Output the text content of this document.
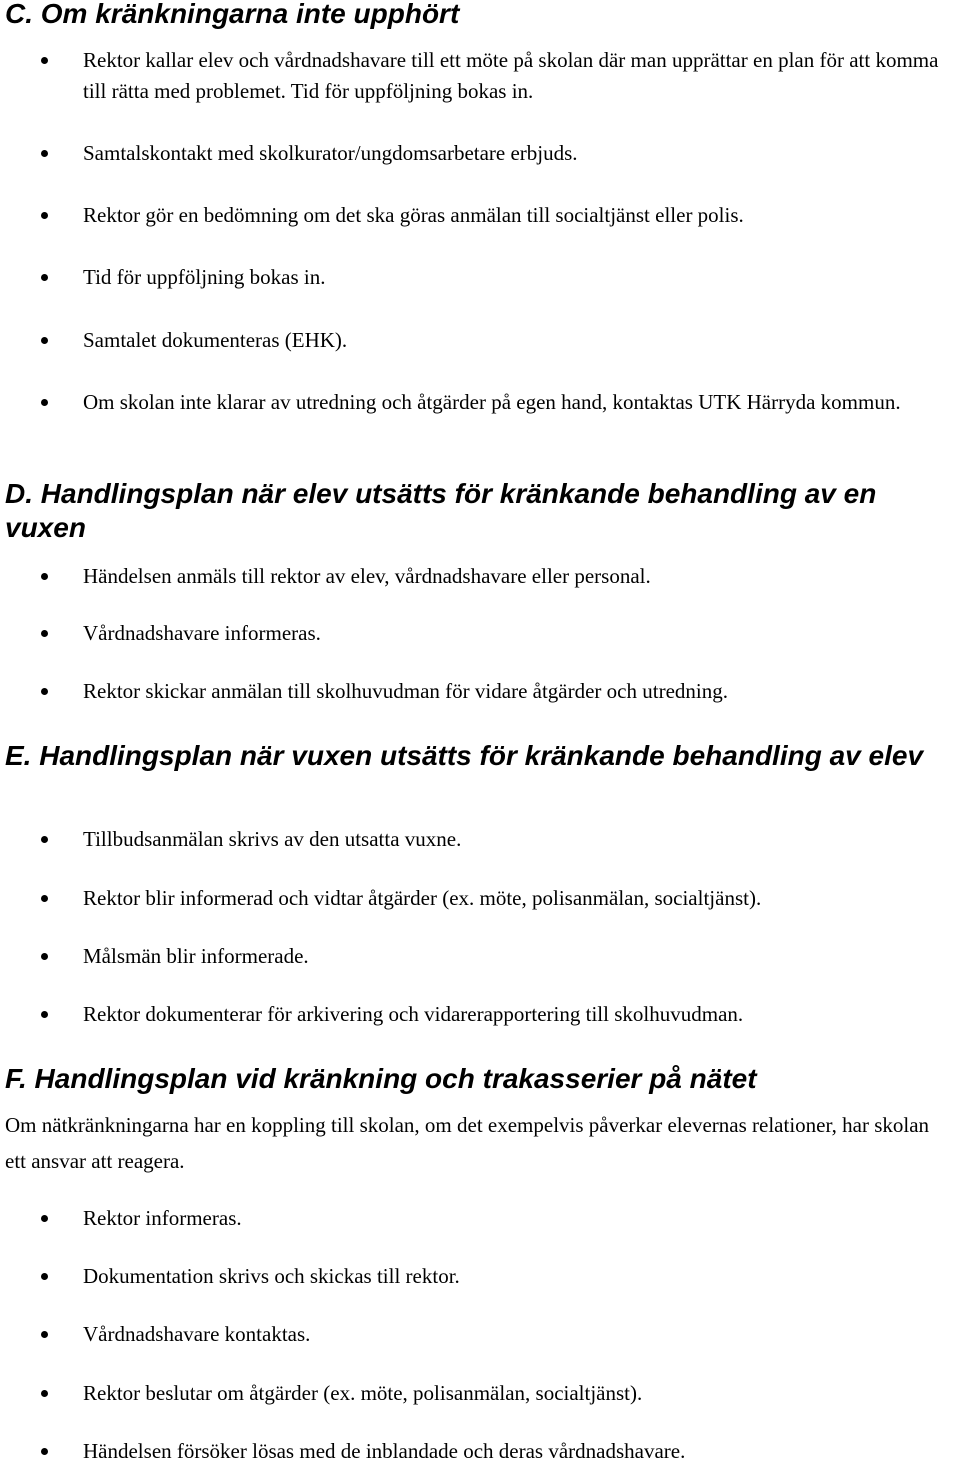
C. Om kränkningarna inte upphört
Rektor kallar elev och vårdnadshavare till ett möte på skolan där man upprättar en plan för att komma till rätta med problemet. Tid för uppföljning bokas in.
Samtalskontakt med skolkurator/ungdomsarbetare erbjuds.
Rektor gör en bedömning om det ska göras anmälan till socialtjänst eller polis.
Tid för uppföljning bokas in.
Samtalet dokumenteras (EHK).
Om skolan inte klarar av utredning och åtgärder på egen hand, kontaktas UTK Härryda kommun.
D. Handlingsplan när elev utsätts för kränkande behandling av en vuxen
Händelsen anmäls till rektor av elev, vårdnadshavare eller personal.
Vårdnadshavare informeras.
Rektor skickar anmälan till skolhuvudman för vidare åtgärder och utredning.
E. Handlingsplan när vuxen utsätts för kränkande behandling av elev
Tillbudsanmälan skrivs av den utsatta vuxne.
Rektor blir informerad och vidtar åtgärder (ex. möte, polisanmälan, socialtjänst).
Målsmän blir informerade.
Rektor dokumenterar för arkivering och vidarerapportering till skolhuvudman.
F. Handlingsplan vid kränkning och trakasserier på nätet

Om nätkränkningarna har en koppling till skolan, om det exempelvis påverkar elevernas relationer, har skolan ett ansvar att reagera.

Rektor informeras.
Dokumentation skrivs och skickas till rektor.
Vårdnadshavare kontaktas.
Rektor beslutar om åtgärder (ex. möte, polisanmälan, socialtjänst).
Händelsen försöker lösas med de inblandade och deras vårdnadshavare.
